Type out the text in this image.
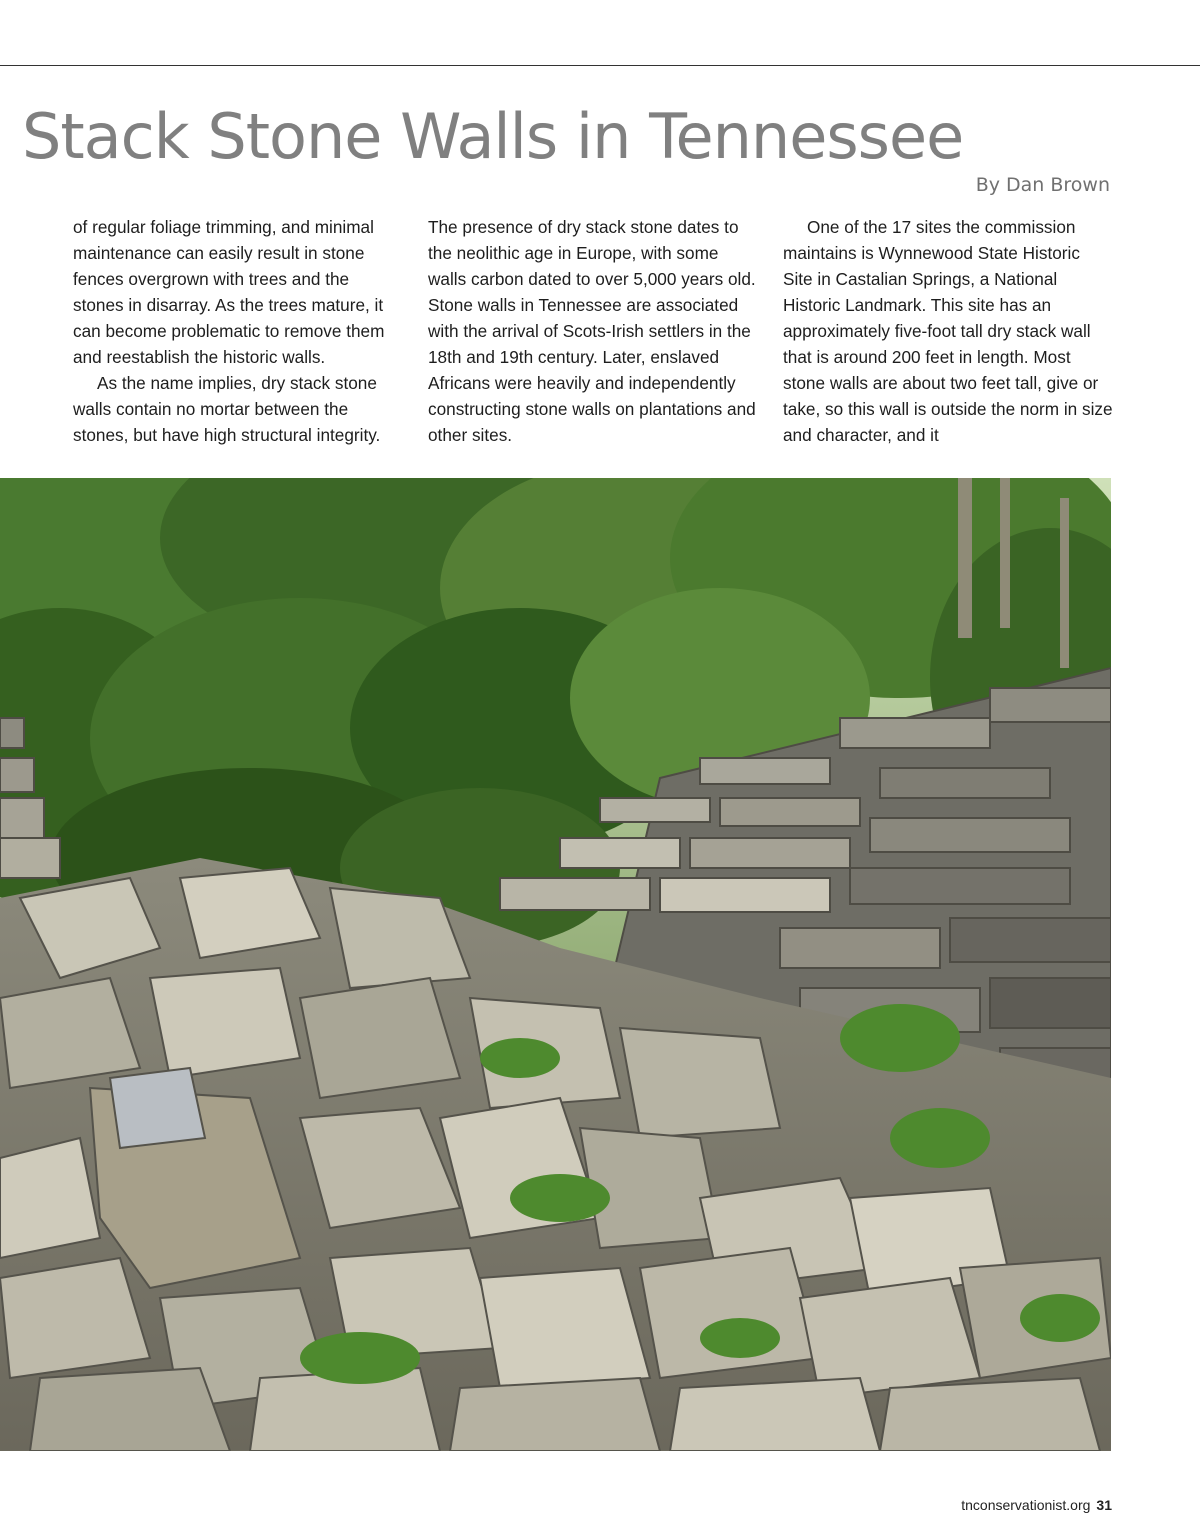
Stack Stone Walls in Tennessee
By Dan Brown

of regular foliage trimming, and minimal maintenance can easily result in stone fences overgrown with trees and the stones in disarray. As the trees mature, it can become problematic to remove them and reestablish the historic walls.

As the name implies, dry stack stone walls contain no mortar between the stones, but have high structural integrity.

The presence of dry stack stone dates to the neolithic age in Europe, with some walls carbon dated to over 5,000 years old. Stone walls in Tennessee are associated with the arrival of Scots-Irish settlers in the 18th and 19th century. Later, enslaved Africans were heavily and independently constructing stone walls on plantations and other sites.

One of the 17 sites the commission maintains is Wynnewood State Historic Site in Castalian Springs, a National Historic Landmark. This site has an approximately five-foot tall dry stack wall that is around 200 feet in length. Most stone walls are about two feet tall, give or take, so this wall is outside the norm in size and character, and it

tnconservationist.org 31
